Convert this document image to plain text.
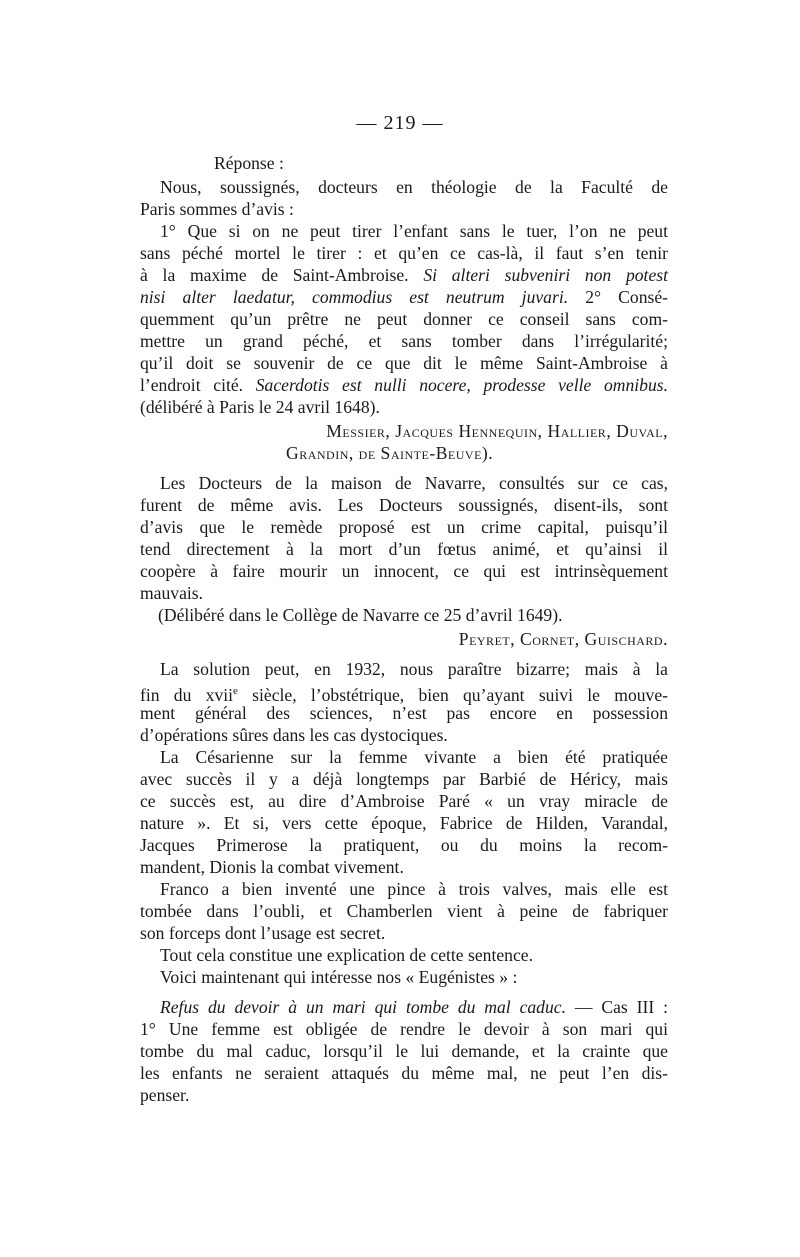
— 219 —
Réponse :
Nous, soussignés, docteurs en théologie de la Faculté de
Paris sommes d’avis :
1° Que si on ne peut tirer l’enfant sans le tuer, l’on ne peut
sans péché mortel le tirer : et qu’en ce cas-là, il faut s’en tenir
à la maxime de Saint-Ambroise. Si alteri subveniri non potest
nisi alter laedatur, commodius est neutrum juvari. 2° Consé-
quemment qu’un prêtre ne peut donner ce conseil sans com-
mettre un grand péché, et sans tomber dans l’irrégularité;
qu’il doit se souvenir de ce que dit le même Saint-Ambroise à
l’endroit cité. Sacerdotis est nulli nocere, prodesse velle omnibus.
(délibéré à Paris le 24 avril 1648).
Messier, Jacques Hennequin, Hallier, Duval,
Grandin, de Sainte-Beuve).
Les Docteurs de la maison de Navarre, consultés sur ce cas,
furent de même avis. Les Docteurs soussignés, disent-ils, sont
d’avis que le remède proposé est un crime capital, puisqu’il
tend directement à la mort d’un fœtus animé, et qu’ainsi il
coopère à faire mourir un innocent, ce qui est intrinsèquement
mauvais.
(Délibéré dans le Collège de Navarre ce 25 d’avril 1649).
Peyret, Cornet, Guischard.
La solution peut, en 1932, nous paraître bizarre; mais à la
fin du xvii$^e$ siècle, l’obstétrique, bien qu’ayant suivi le mouve-
ment général des sciences, n’est pas encore en possession
d’opérations sûres dans les cas dystociques.
La Césarienne sur la femme vivante a bien été pratiquée
avec succès il y a déjà longtemps par Barbié de Héricy, mais
ce succès est, au dire d’Ambroise Paré « un vray miracle de
nature ». Et si, vers cette époque, Fabrice de Hilden, Varandal,
Jacques Primerose la pratiquent, ou du moins la recom-
mandent, Dionis la combat vivement.
Franco a bien inventé une pince à trois valves, mais elle est
tombée dans l’oubli, et Chamberlen vient à peine de fabriquer
son forceps dont l’usage est secret.
Tout cela constitue une explication de cette sentence.
Voici maintenant qui intéresse nos « Eugénistes » :
Refus du devoir à un mari qui tombe du mal caduc. — Cas III :
1° Une femme est obligée de rendre le devoir à son mari qui
tombe du mal caduc, lorsqu’il le lui demande, et la crainte que
les enfants ne seraient attaqués du même mal, ne peut l’en dis-
penser.
